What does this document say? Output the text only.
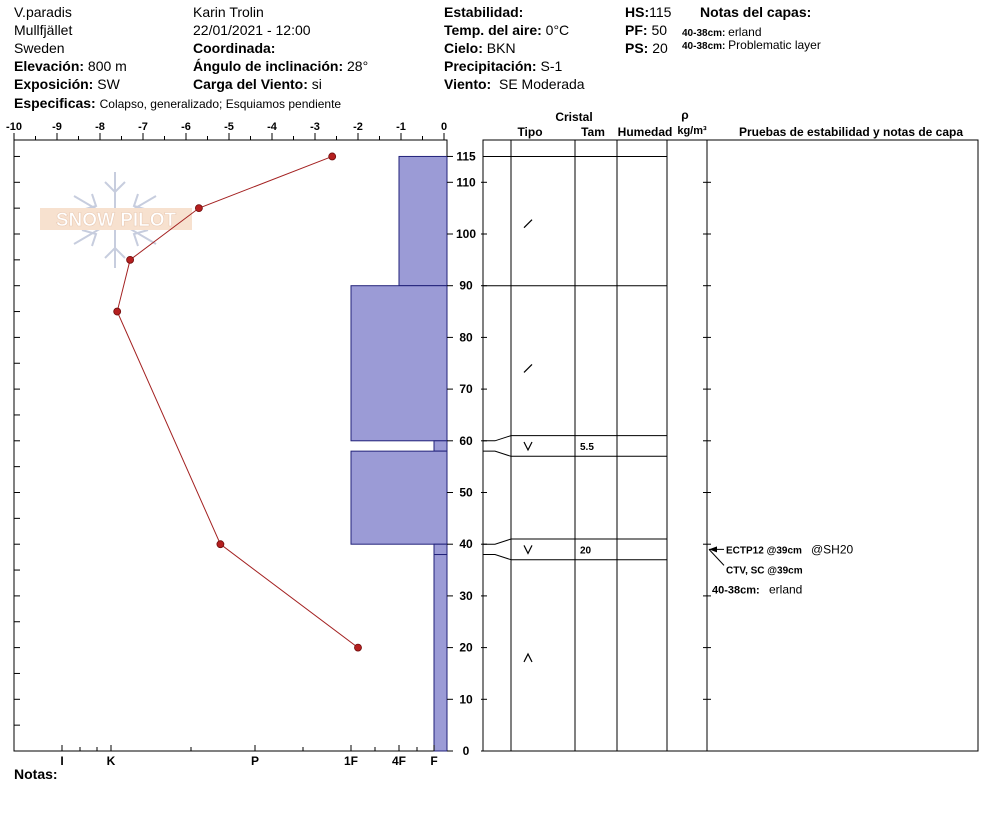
V.paradis
Mullfjället
Sweden
Elevación: 800 m
Exposición: SW
Especificas: Colapso, generalizado; Esquiamos pendiente
Karin Trolin
22/01/2021 - 12:00
Coordinada:
Ángulo de inclinación: 28°
Carga del Viento: si
Estabilidad:
Temp. del aire: 0°C
Cielo: BKN
Precipitación: S-1
Viento: SE Moderada
HS:115
PF: 50
PS: 20
Notas del capas:
40-38cm: erland
40-38cm: Problematic layer
Notas:
SNOW PILOT
-10	-9	-8	-7	-6	-5	-4	-3	-2	-1	0
0
10
20
30
40
50
60
70
80
90
100
110
115
I	K	P	1F	4F F
5.5
20	ECTP12 @39cm @SH20
CTV, SC @39cm
40-38cm: erland
Cristal
Tipo	Tam Humedad
ρ
kg/m³	Pruebas de estabilidad y notas de capa
